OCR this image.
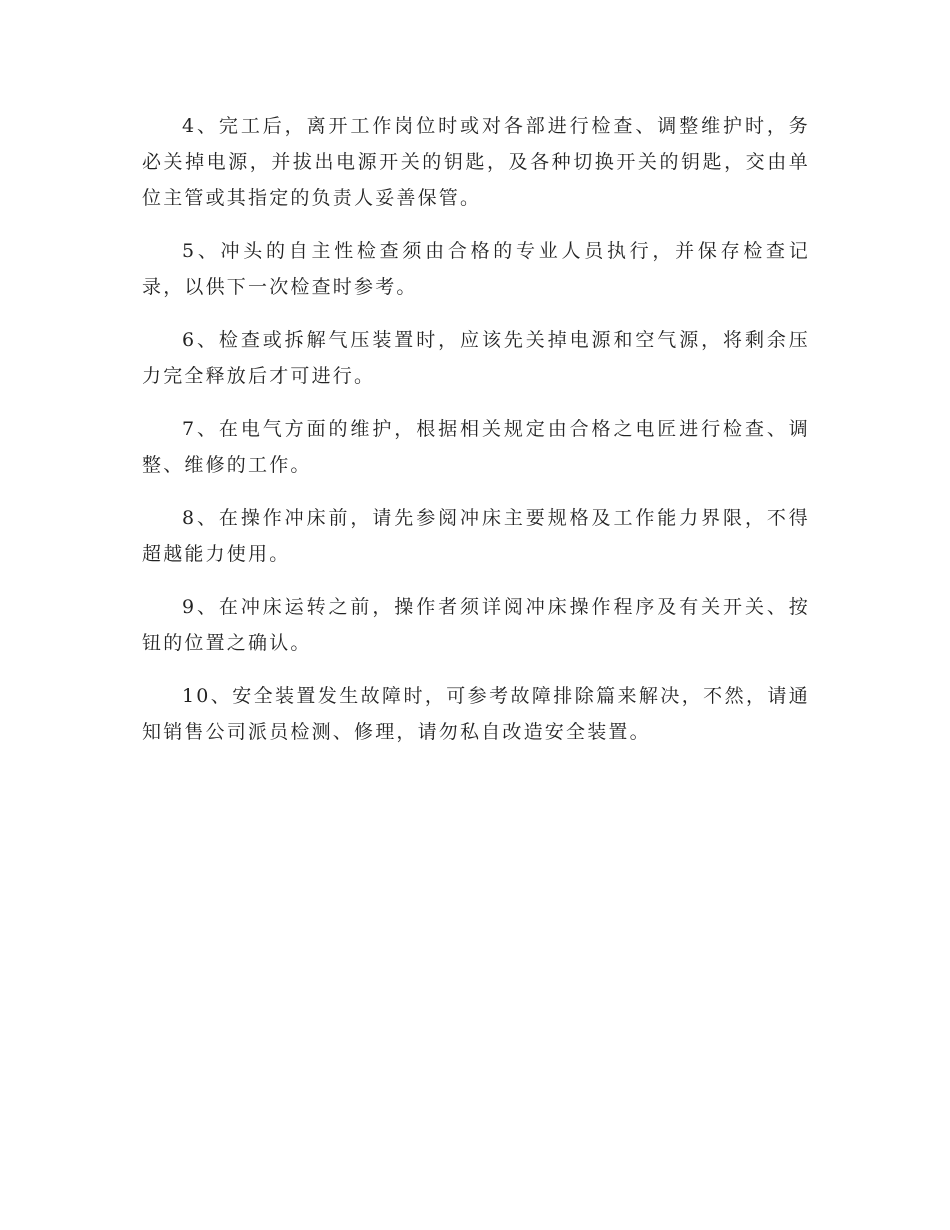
4、完工后，离开工作岗位时或对各部进行检查、调整维护时，务必关掉电源，并拔出电源开关的钥匙，及各种切换开关的钥匙，交由单位主管或其指定的负责人妥善保管。

5、冲头的自主性检查须由合格的专业人员执行，并保存检查记录，以供下一次检查时参考。

6、检查或拆解气压装置时，应该先关掉电源和空气源，将剩余压力完全释放后才可进行。

7、在电气方面的维护，根据相关规定由合格之电匠进行检查、调整、维修的工作。

8、在操作冲床前，请先参阅冲床主要规格及工作能力界限，不得超越能力使用。

9、在冲床运转之前，操作者须详阅冲床操作程序及有关开关、按钮的位置之确认。

10、安全装置发生故障时，可参考故障排除篇来解决，不然，请通知销售公司派员检测、修理，请勿私自改造安全装置。
